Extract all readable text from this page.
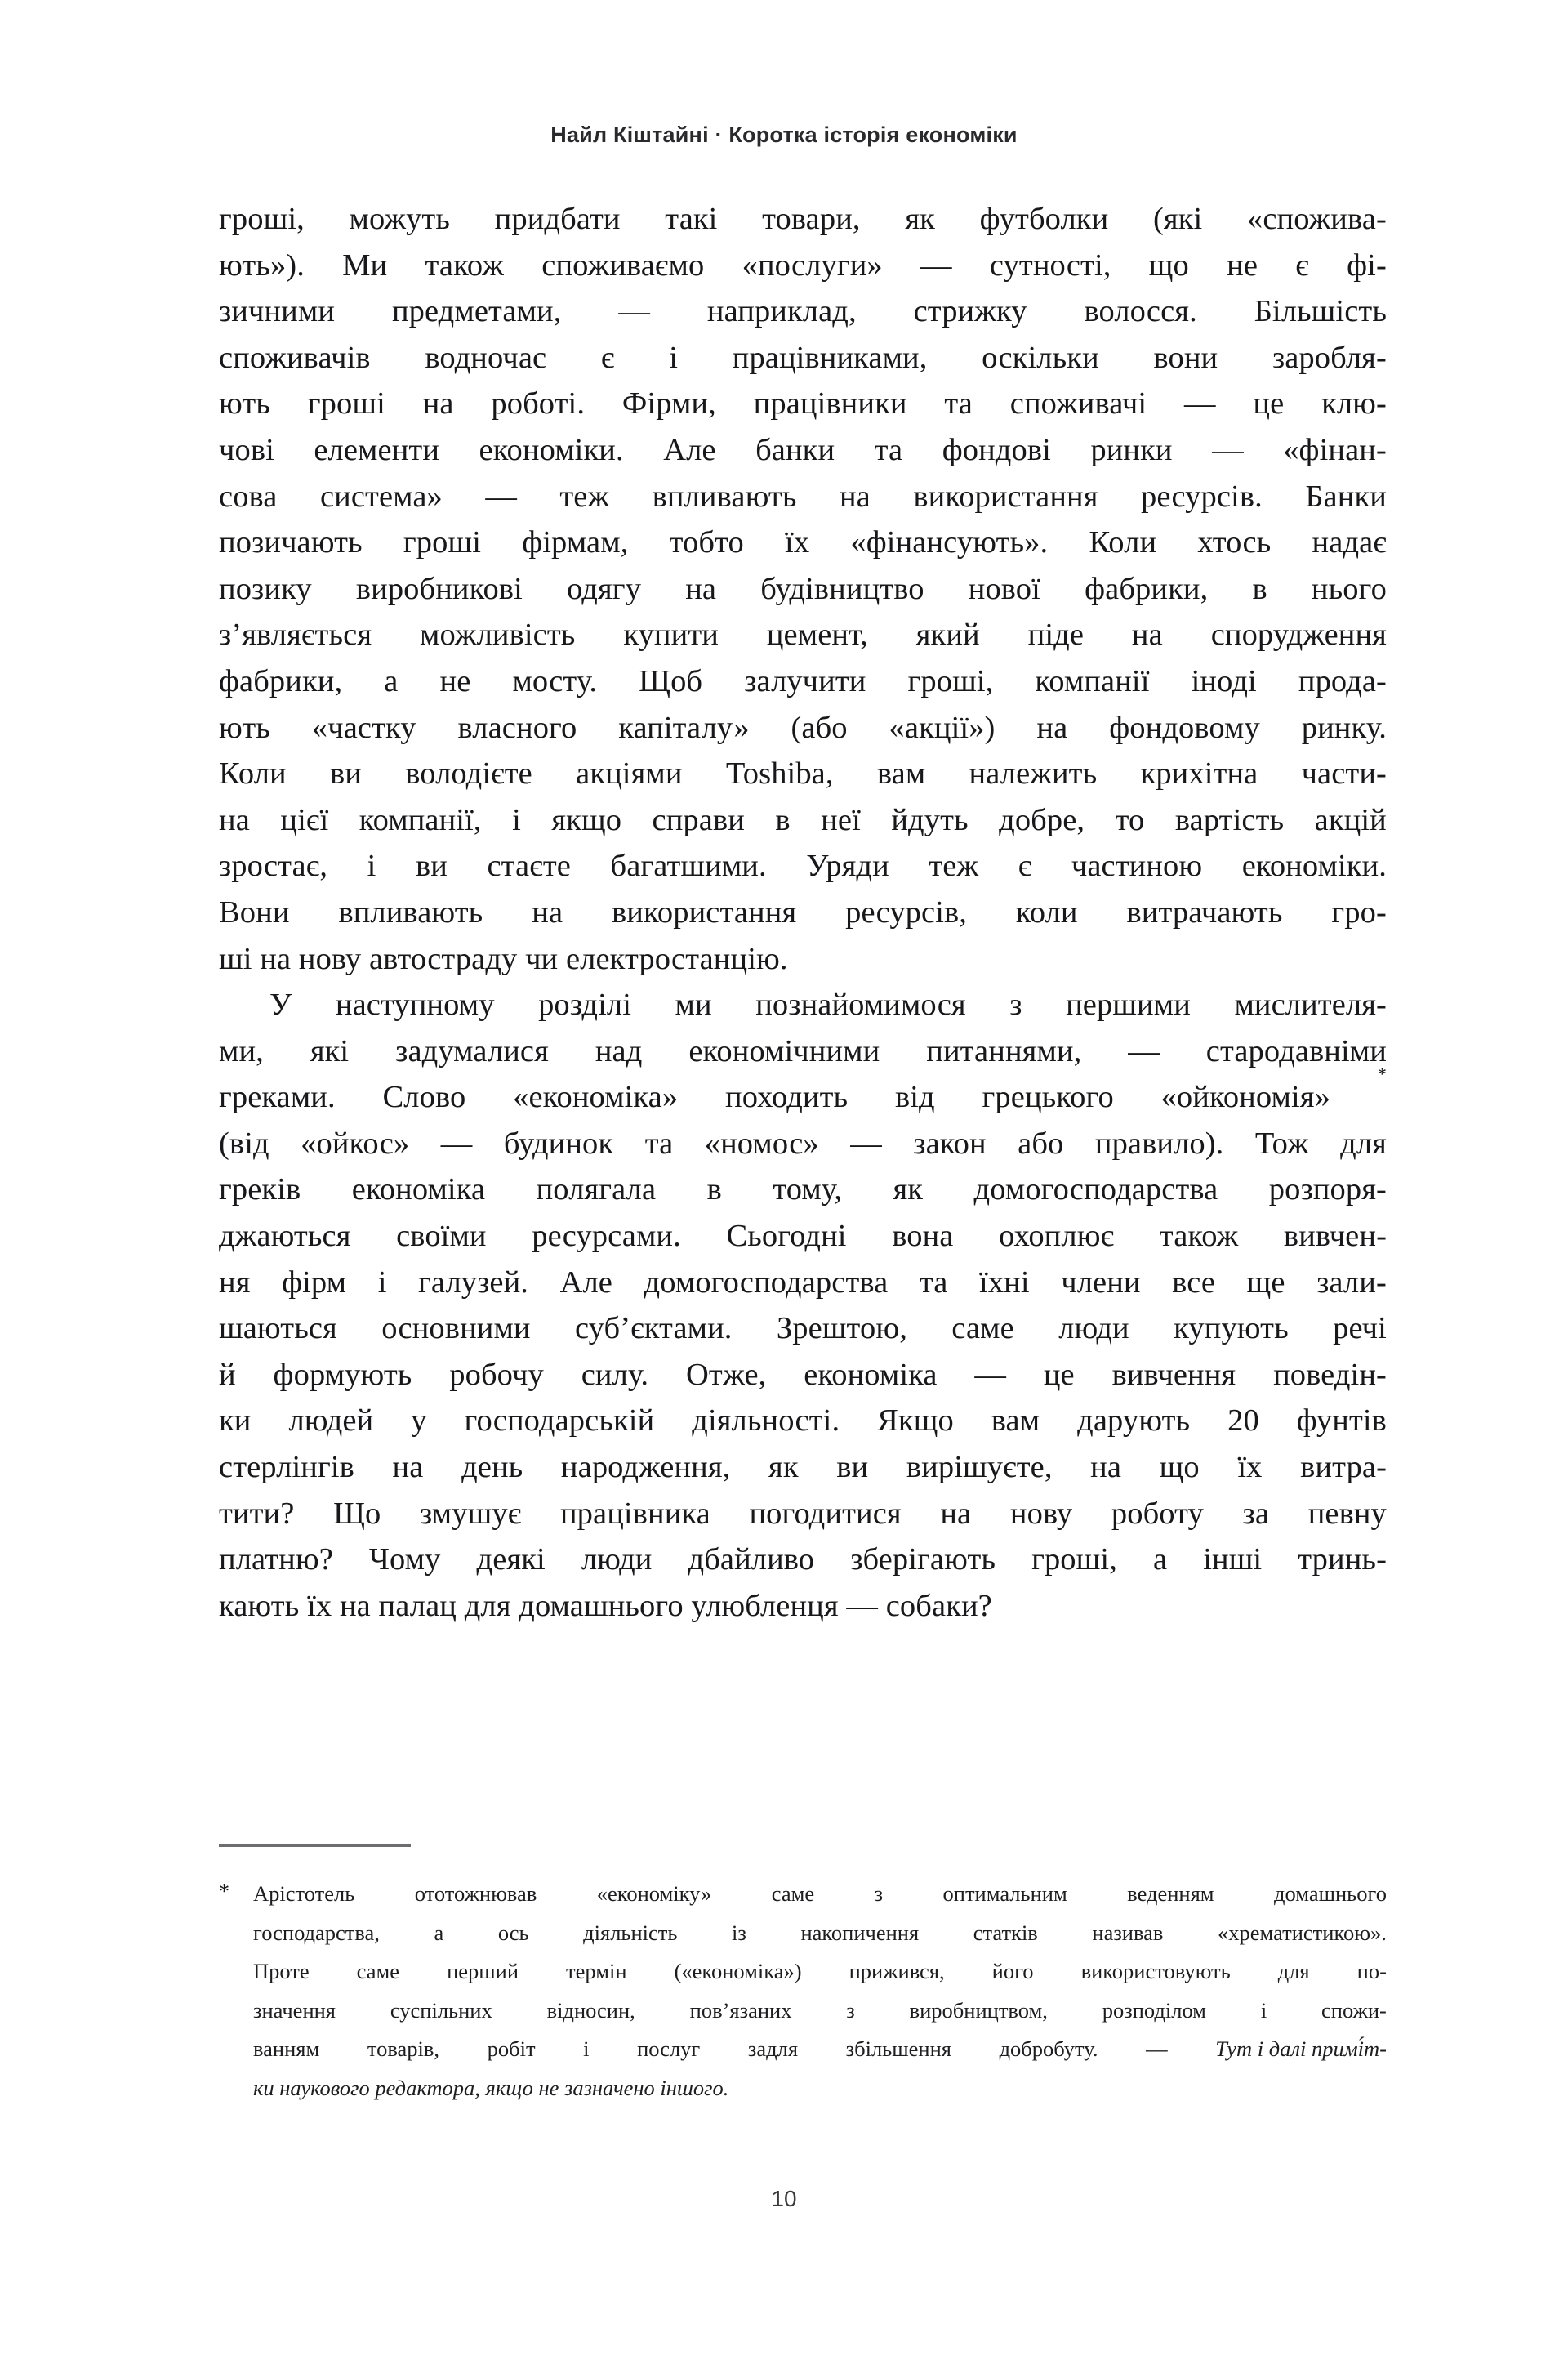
Найл Кіштайні · Коротка історія економіки
гроші, можуть придбати такі товари, як футболки (які «спожива-
ють»). Ми також споживаємо «послуги» — сутності, що не є фі-
зичними предметами, — наприклад, стрижку волосся. Більшість
споживачів водночас є і працівниками, оскільки вони заробля-
ють гроші на роботі. Фірми, працівники та споживачі — це клю-
чові елементи економіки. Але банки та фондові ринки — «фінан-
сова система» — теж впливають на використання ресурсів. Банки
позичають гроші фірмам, тобто їх «фінансують». Коли хтось надає
позику виробникові одягу на будівництво нової фабрики, в нього
з’являється можливість купити цемент, який піде на спорудження
фабрики, а не мосту. Щоб залучити гроші, компанії іноді прода-
ють «частку власного капіталу» (або «акції») на фондовому ринку.
Коли ви володієте акціями Toshiba, вам належить крихітна части-
на цієї компанії, і якщо справи в неї йдуть добре, то вартість акцій
зростає, і ви стаєте багатшими. Уряди теж є частиною економіки.
Вони впливають на використання ресурсів, коли витрачають гро-
ші на нову автостраду чи електростанцію.
У наступному розділі ми познайомимося з першими мислителя-
ми, які задумалися над економічними питаннями, — стародавніми
греками. Слово «економіка» походить від грецького «ойкономія»
*
(від «ойкос» — будинок та «номос» — закон або правило). Тож для
греків економіка полягала в тому, як домогосподарства розпоря-
джаються своїми ресурсами. Сьогодні вона охоплює також вивчен-
ня фірм і галузей. Але домогосподарства та їхні члени все ще зали-
шаються основними суб’єктами. Зрештою, саме люди купують речі
й формують робочу силу. Отже, економіка — це вивчення поведін-
ки людей у господарській діяльності. Якщо вам дарують 20 фунтів
стерлінгів на день народження, як ви вирішуєте, на що їх витра-
тити? Що змушує працівника погодитися на нову роботу за певну
платню? Чому деякі люди дбайливо зберігають гроші, а інші тринь-
кають їх на палац для домашнього улюбленця — собаки?
* Арістотель	ототожнював	«економіку»	саме	з	оптимальним	веденням	домашнього
господарства,	а	ось	діяльність	із	накопичення	статків	називав	«хрематистикою».
Проте саме перший термін («економіка») прижився, його використовують для по-
значення	суспільних	відносин,	пов’язаних	з	виробництвом,	розподілом	і	спожи-
ванням товарів, робіт і послуг задля збільшення добробуту. — Тут і далі примі́т-
ки наукового редактора, якщо не зазначено іншого.
10
